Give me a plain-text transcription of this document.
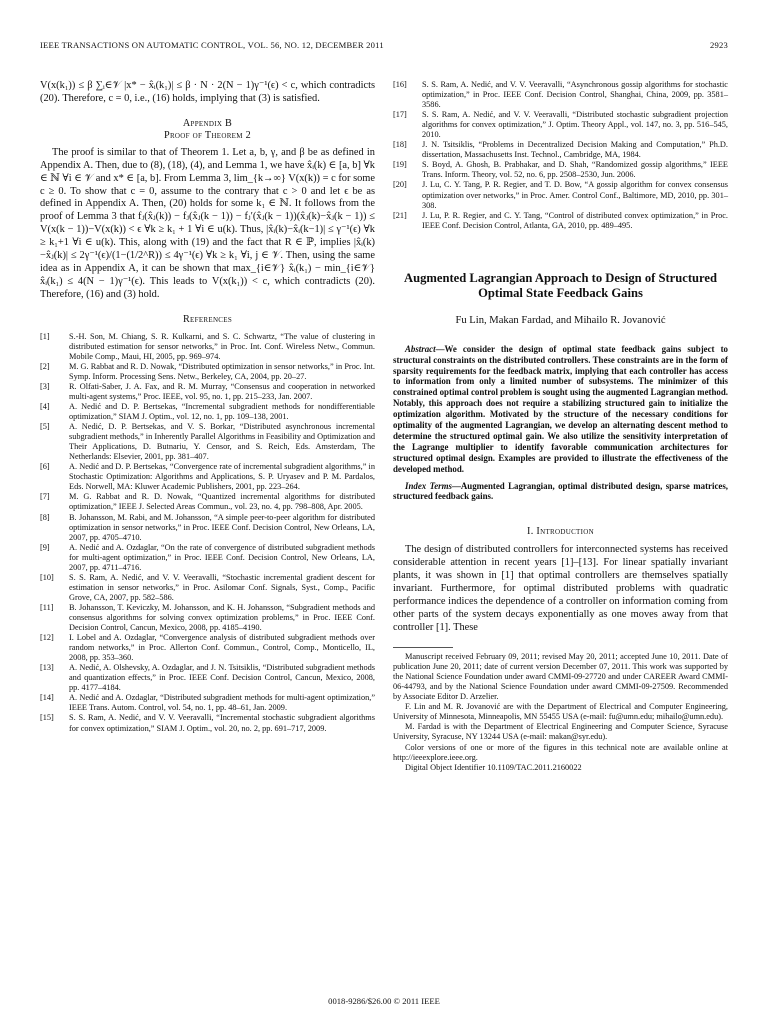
IEEE TRANSACTIONS ON AUTOMATIC CONTROL, VOL. 56, NO. 12, DECEMBER 2011	2923

V(x(k₁)) ≤ β ∑ᵢ∈𝒱 |x* − x̂ᵢ(k₁)| ≤ β · N · 2(N − 1)γ⁻¹(ϵ) < c, which contradicts (20). Therefore, c = 0, i.e., (16) holds, implying that (3) is satisfied.

Appendix B

Proof of Theorem 2

The proof is similar to that of Theorem 1. Let a, b, γ, and β be as defined in Appendix A. Then, due to (8), (18), (4), and Lemma 1, we have x̂ᵢ(k) ∈ [a, b] ∀k ∈ ℕ ∀i ∈ 𝒱 and x* ∈ [a, b]. From Lemma 3, lim_{k→∞} V(x(k)) = c for some c ≥ 0. To show that c = 0, assume to the contrary that c > 0 and let ϵ be as defined in Appendix A. Then, (20) holds for some k₁ ∈ ℕ. It follows from the proof of Lemma 3 that fⱼ(x̂ⱼ(k)) − fⱼ(x̂ⱼ(k − 1)) − fⱼ′(x̂ⱼ(k − 1))(x̂ⱼ(k)−x̂ⱼ(k − 1)) ≤ V(x(k − 1))−V(x(k)) < ϵ ∀k ≥ k₁ + 1 ∀i ∈ u(k). Thus, |x̂ᵢ(k)−x̂ᵢ(k−1)| ≤ γ⁻¹(ϵ) ∀k ≥ k₁+1 ∀i ∈ u(k). This, along with (19) and the fact that R ∈ ℙ, implies |x̂ᵢ(k)−x̂ⱼ(k)| ≤ 2γ⁻¹(ϵ)/(1−(1/2^R)) ≤ 4γ⁻¹(ϵ) ∀k ≥ k₁ ∀i, j ∈ 𝒱. Then, using the same idea as in Appendix A, it can be shown that max_{i∈𝒱} x̂ᵢ(k₁) − min_{i∈𝒱} x̂ᵢ(k₁) ≤ 4(N − 1)γ⁻¹(ϵ). This leads to V(x(k₁)) < c, which contradicts (20). Therefore, (16) and (3) hold.

References

[1]	S.-H. Son, M. Chiang, S. R. Kulkarni, and S. C. Schwartz, “The value of clustering in distributed estimation for sensor networks,” in Proc. Int. Conf. Wireless Netw., Commun. Mobile Comp., Maui, HI, 2005, pp. 969–974.
[2]	M. G. Rabbat and R. D. Nowak, “Distributed optimization in sensor networks,” in Proc. Int. Symp. Inform. Processing Sens. Netw., Berkeley, CA, 2004, pp. 20–27.
[3]	R. Olfati-Saber, J. A. Fax, and R. M. Murray, “Consensus and cooperation in networked multi-agent systems,” Proc. IEEE, vol. 95, no. 1, pp. 215–233, Jan. 2007.
[4]	A. Nedić and D. P. Bertsekas, “Incremental subgradient methods for nondifferentiable optimization,” SIAM J. Optim., vol. 12, no. 1, pp. 109–138, 2001.
[5]	A. Nedić, D. P. Bertsekas, and V. S. Borkar, “Distributed asynchronous incremental subgradient methods,” in Inherently Parallel Algorithms in Feasibility and Optimization and Their Applications, D. Butnariu, Y. Censor, and S. Reich, Eds. Amsterdam, The Netherlands: Elsevier, 2001, pp. 381–407.
[6]	A. Nedić and D. P. Bertsekas, “Convergence rate of incremental subgradient algorithms,” in Stochastic Optimization: Algorithms and Applications, S. P. Uryasev and P. M. Pardalos, Eds. Norwell, MA: Kluwer Academic Publishers, 2001, pp. 223–264.
[7]	M. G. Rabbat and R. D. Nowak, “Quantized incremental algorithms for distributed optimization,” IEEE J. Selected Areas Commun., vol. 23, no. 4, pp. 798–808, Apr. 2005.
[8]	B. Johansson, M. Rabi, and M. Johansson, “A simple peer-to-peer algorithm for distributed optimization in sensor networks,” in Proc. IEEE Conf. Decision Control, New Orleans, LA, 2007, pp. 4705–4710.
[9]	A. Nedić and A. Ozdaglar, “On the rate of convergence of distributed subgradient methods for multi-agent optimization,” in Proc. IEEE Conf. Decision Control, New Orleans, LA, 2007, pp. 4711–4716.
[10]	S. S. Ram, A. Nedić, and V. V. Veeravalli, “Stochastic incremental gradient descent for estimation in sensor networks,” in Proc. Asilomar Conf. Signals, Syst., Comp., Pacific Grove, CA, 2007, pp. 582–586.
[11]	B. Johansson, T. Keviczky, M. Johansson, and K. H. Johansson, “Subgradient methods and consensus algorithms for solving convex optimization problems,” in Proc. IEEE Conf. Decision Control, Cancun, Mexico, 2008, pp. 4185–4190.
[12]	I. Lobel and A. Ozdaglar, “Convergence analysis of distributed subgradient methods over random networks,” in Proc. Allerton Conf. Commun., Control, Comp., Monticello, IL, 2008, pp. 353–360.
[13]	A. Nedić, A. Olshevsky, A. Ozdaglar, and J. N. Tsitsiklis, “Distributed subgradient methods and quantization effects,” in Proc. IEEE Conf. Decision Control, Cancun, Mexico, 2008, pp. 4177–4184.
[14]	A. Nedić and A. Ozdaglar, “Distributed subgradient methods for multi-agent optimization,” IEEE Trans. Autom. Control, vol. 54, no. 1, pp. 48–61, Jan. 2009.
[15]	S. S. Ram, A. Nedić, and V. V. Veeravalli, “Incremental stochastic subgradient algorithms for convex optimization,” SIAM J. Optim., vol. 20, no. 2, pp. 691–717, 2009.
[16]	S. S. Ram, A. Nedić, and V. V. Veeravalli, “Asynchronous gossip algorithms for stochastic optimization,” in Proc. IEEE Conf. Decision Control, Shanghai, China, 2009, pp. 3581–3586.
[17]	S. S. Ram, A. Nedić, and V. V. Veeravalli, “Distributed stochastic subgradient projection algorithms for convex optimization,” J. Optim. Theory Appl., vol. 147, no. 3, pp. 516–545, 2010.
[18]	J. N. Tsitsiklis, “Problems in Decentralized Decision Making and Computation,” Ph.D. dissertation, Massachusetts Inst. Technol., Cambridge, MA, 1984.
[19]	S. Boyd, A. Ghosh, B. Prabhakar, and D. Shah, “Randomized gossip algorithms,” IEEE Trans. Inform. Theory, vol. 52, no. 6, pp. 2508–2530, Jun. 2006.
[20]	J. Lu, C. Y. Tang, P. R. Regier, and T. D. Bow, “A gossip algorithm for convex consensus optimization over networks,” in Proc. Amer. Control Conf., Baltimore, MD, 2010, pp. 301–308.
[21]	J. Lu, P. R. Regier, and C. Y. Tang, “Control of distributed convex optimization,” in Proc. IEEE Conf. Decision Control, Atlanta, GA, 2010, pp. 489–495.

Augmented Lagrangian Approach to Design of Structured Optimal State Feedback Gains

Fu Lin, Makan Fardad, and Mihailo R. Jovanović

Abstract—We consider the design of optimal state feedback gains subject to structural constraints on the distributed controllers. These constraints are in the form of sparsity requirements for the feedback matrix, implying that each controller has access to information from only a limited number of subsystems. The minimizer of this constrained optimal control problem is sought using the augmented Lagrangian method. Notably, this approach does not require a stabilizing structured gain to initialize the optimization algorithm. Motivated by the structure of the necessary conditions for optimality of the augmented Lagrangian, we develop an alternating descent method to determine the structured optimal gain. We also utilize the sensitivity interpretation of the Lagrange multiplier to identify favorable communication architectures for structured optimal design. Examples are provided to illustrate the effectiveness of the developed method.

Index Terms—Augmented Lagrangian, optimal distributed design, sparse matrices, structured feedback gains.

I. Introduction

The design of distributed controllers for interconnected systems has received considerable attention in recent years [1]–[13]. For linear spatially invariant plants, it was shown in [1] that optimal controllers are themselves spatially invariant. Furthermore, for optimal distributed problems with quadratic performance indices the dependence of a controller on information coming from other parts of the system decays exponentially as one moves away from that controller [1]. These

Manuscript received February 09, 2011; revised May 20, 2011; accepted June 10, 2011. Date of publication June 20, 2011; date of current version December 07, 2011. This work was supported by the National Science Foundation under award CMMI-09-27720 and under CAREER Award CMMI-06-44793, and by the National Science Foundation under award CMMI-09-27509. Recommended by Associate Editor D. Arzelier.

F. Lin and M. R. Jovanović are with the Department of Electrical and Computer Engineering, University of Minnesota, Minneapolis, MN 55455 USA (e-mail: fu@umn.edu; mihailo@umn.edu).

M. Fardad is with the Department of Electrical Engineering and Computer Science, Syracuse University, Syracuse, NY 13244 USA (e-mail: makan@syr.edu).

Color versions of one or more of the figures in this technical note are available online at http://ieeexplore.ieee.org.

Digital Object Identifier 10.1109/TAC.2011.2160022

0018-9286/$26.00 © 2011 IEEE
